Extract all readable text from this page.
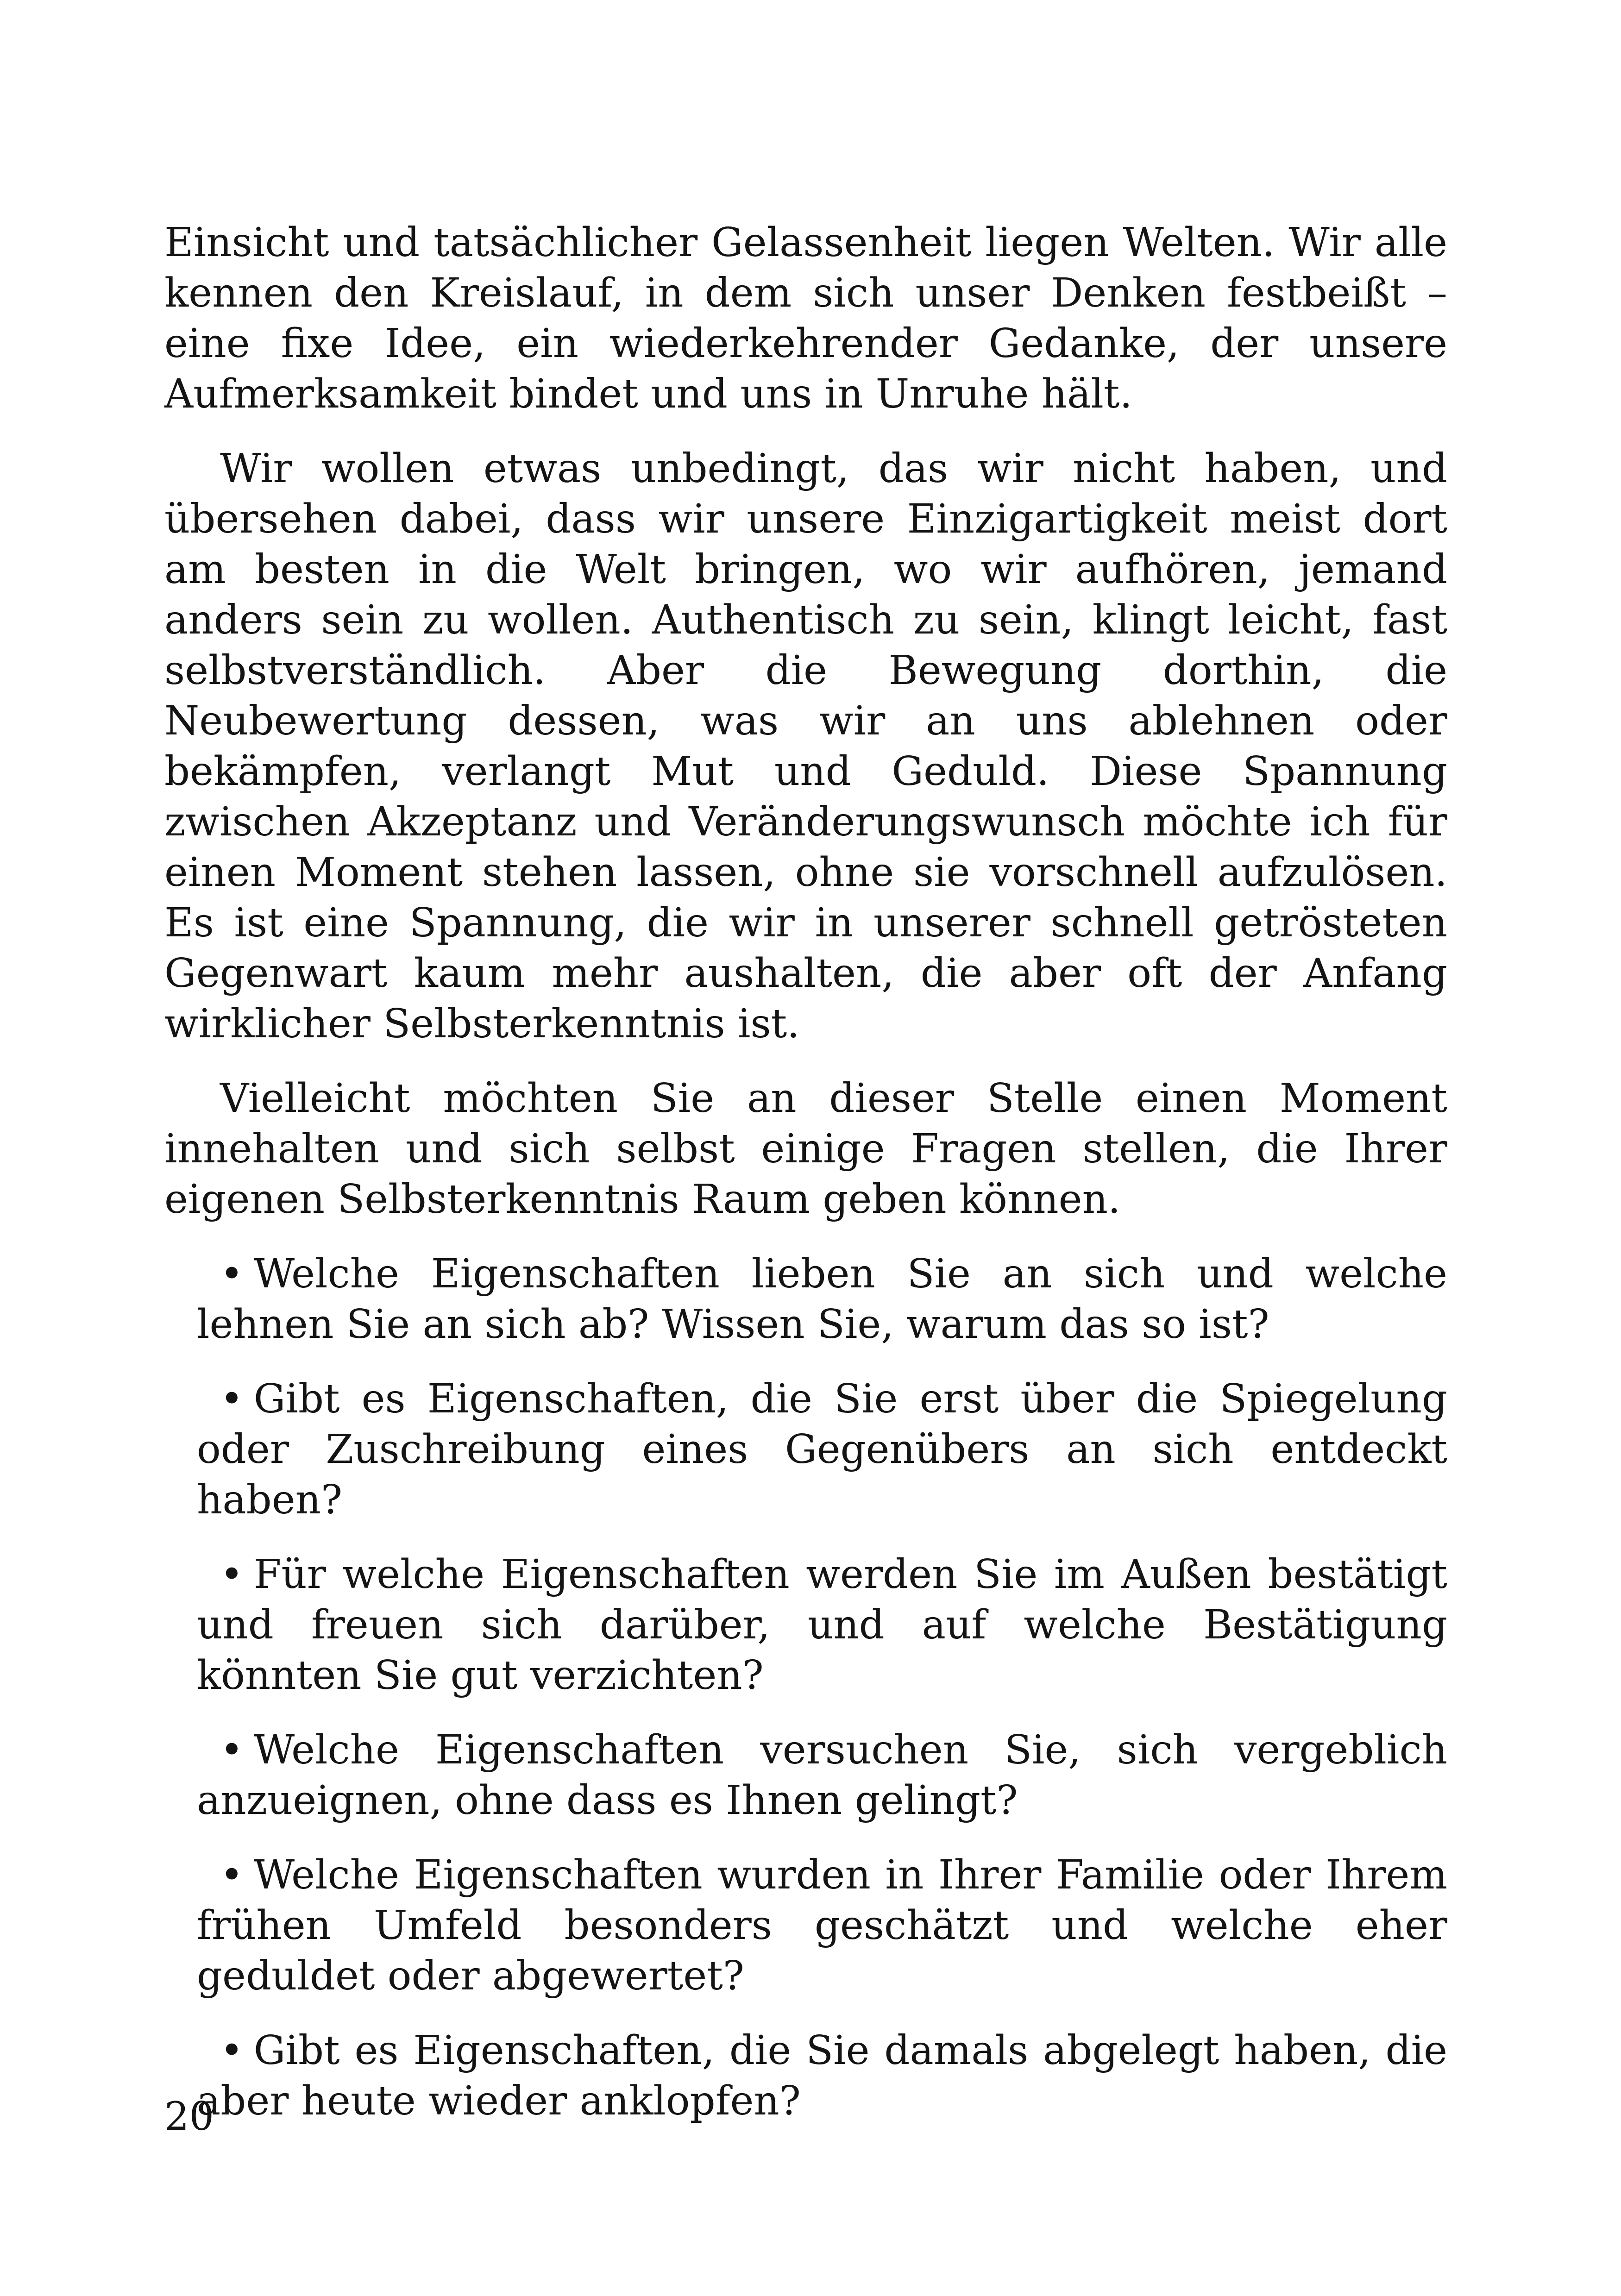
Einsicht und tatsächlicher Gelassenheit liegen Welten. Wir alle kennen den Kreislauf, in dem sich unser Denken festbeißt – eine fixe Idee, ein wiederkehrender Gedanke, der unsere Aufmerksamkeit bindet und uns in Unruhe hält.

Wir wollen etwas unbedingt, das wir nicht haben, und übersehen dabei, dass wir unsere Einzigartigkeit meist dort am besten in die Welt bringen, wo wir aufhören, jemand anders sein zu wollen. Authentisch zu sein, klingt leicht, fast selbstverständlich. Aber die Bewegung dorthin, die Neubewertung dessen, was wir an uns ablehnen oder bekämpfen, verlangt Mut und Geduld. Diese Spannung zwischen Akzeptanz und Veränderungswunsch möchte ich für einen Moment stehen lassen, ohne sie vorschnell aufzulösen. Es ist eine Spannung, die wir in unserer schnell getrösteten Gegenwart kaum mehr aushalten, die aber oft der Anfang wirklicher Selbsterkenntnis ist.

Vielleicht möchten Sie an dieser Stelle einen Moment innehalten und sich selbst einige Fragen stellen, die Ihrer eigenen Selbsterkenntnis Raum geben können.

• Welche Eigenschaften lieben Sie an sich und welche lehnen Sie an sich ab? Wissen Sie, warum das so ist?
• Gibt es Eigenschaften, die Sie erst über die Spiegelung oder Zuschreibung eines Gegenübers an sich entdeckt haben?
• Für welche Eigenschaften werden Sie im Außen bestätigt und freuen sich darüber, und auf welche Bestätigung könnten Sie gut verzichten?
• Welche Eigenschaften versuchen Sie, sich vergeblich anzueignen, ohne dass es Ihnen gelingt?
• Welche Eigenschaften wurden in Ihrer Familie oder Ihrem frühen Umfeld besonders geschätzt und welche eher geduldet oder abgewertet?
• Gibt es Eigenschaften, die Sie damals abgelegt haben, die aber heute wieder anklopfen?
20
